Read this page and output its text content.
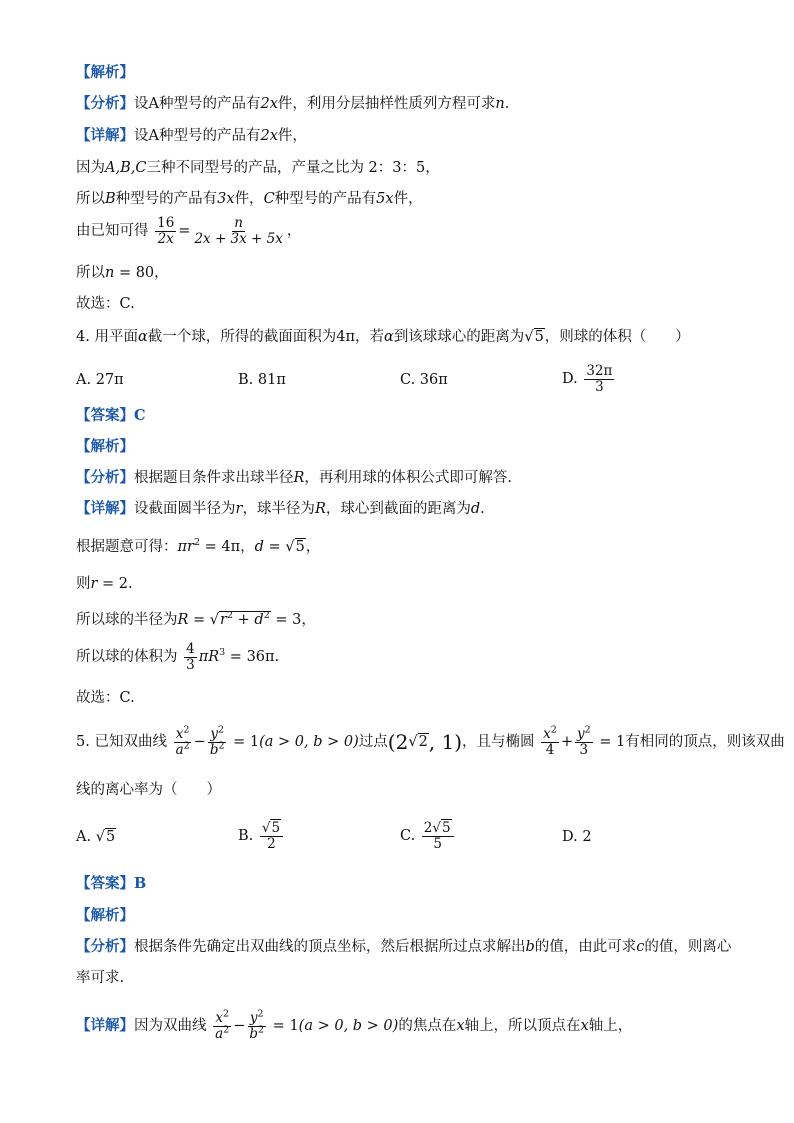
【解析】
【分析】设A种型号的产品有2x件，利用分层抽样性质列方程可求n.
【详解】设A种型号的产品有2x件，
因为A,B,C三种不同型号的产品，产量之比为 2：3：5，
所以B种型号的产品有3x件，C种型号的产品有5x件，
由已知可得 $\frac{16}{2x} = \frac{n}{2x + 3x + 5x}$ ，
所以n = 80，
故选：C.
4. 用平面α截一个球，所得的截面面积为4π，若α到该球球心的距离为√5，则球的体积（　　）
A. 27π	B. 81π	C. 36π	D. $\frac{32\pi}{3}$
【答案】C
【解析】
【分析】根据题目条件求出球半径R，再利用球的体积公式即可解答.
【详解】设截面圆半径为r，球半径为R，球心到截面的距离为d.
根据题意可得：$\pi r^2 = 4\pi$，d = √5，
则r = 2.
所以球的半径为$R = √r^2 + d^2 = 3$，
所以球的体积为 $\frac{4}{3} \pi R^3 = 36\pi$.
故选：C.
5. 已知双曲线 $\frac{x^2}{a^2} - \frac{y^2}{b^2} = 1(a > 0$, b > 0)过点(2√2, 1)，且与椭圆 $\frac{x^2}{4} + \frac{y^2}{3} = 1$有相同的顶点，则该双曲
线的离心率为（　　）
A. √5	B. $\frac{√5}{2}$	C. $\frac{2√5}{5}$	D. 2
【答案】B
【解析】
【分析】根据条件先确定出双曲线的顶点坐标，然后根据所过点求解出b的值，由此可求c的值，则离心
率可求.
【详解】因为双曲线 $\frac{x^2}{a^2} - \frac{y^2}{b^2} = 1(a > 0$, b > 0)的焦点在x轴上，所以顶点在x轴上，
